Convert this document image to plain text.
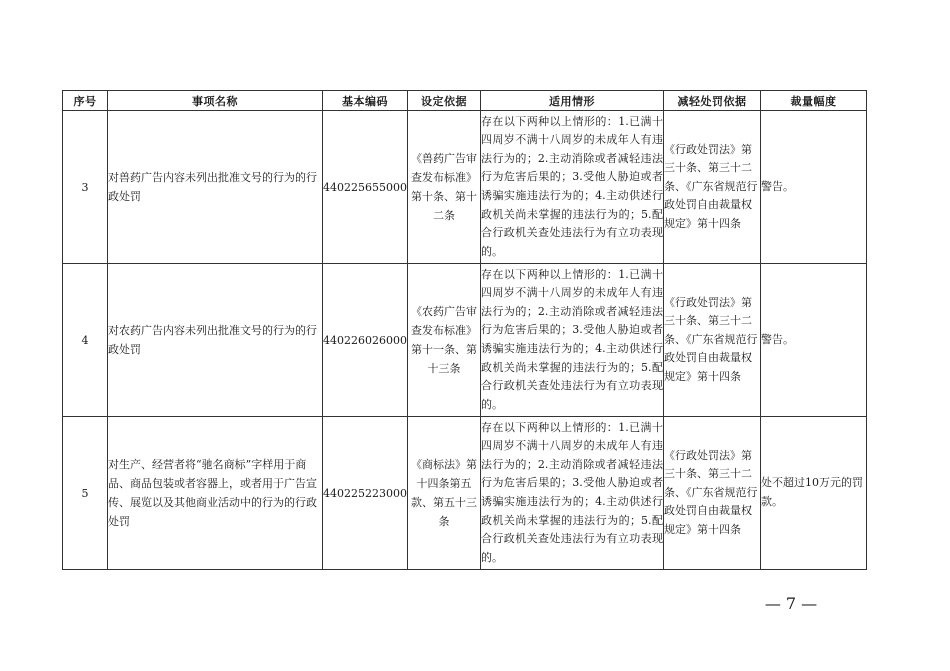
序号	事项名称	基本编码	设定依据	适用情形	减轻处罚依据	裁量幅度
3	对兽药广告内容未列出批准文号的行为的行政处罚	440225655000	《兽药广告审查发布标准》第十条、第十二条	存在以下两种以上情形的：1.已满十四周岁不满十八周岁的未成年人有违法行为的；2.主动消除或者减轻违法行为危害后果的；3.受他人胁迫或者诱骗实施违法行为的；4.主动供述行政机关尚未掌握的违法行为的；5.配合行政机关查处违法行为有立功表现的。	《行政处罚法》第三十条、第三十二条、《广东省规范行政处罚自由裁量权规定》第十四条	警告。
4	对农药广告内容未列出批准文号的行为的行政处罚	440226026000	《农药广告审查发布标准》第十一条、第十三条	存在以下两种以上情形的：1.已满十四周岁不满十八周岁的未成年人有违法行为的；2.主动消除或者减轻违法行为危害后果的；3.受他人胁迫或者诱骗实施违法行为的；4.主动供述行政机关尚未掌握的违法行为的；5.配合行政机关查处违法行为有立功表现的。	《行政处罚法》第三十条、第三十二条、《广东省规范行政处罚自由裁量权规定》第十四条	警告。
5	对生产、经营者将“驰名商标”字样用于商品、商品包装或者容器上，或者用于广告宣传、展览以及其他商业活动中的行为的行政处罚	440225223000	《商标法》第十四条第五款、第五十三条	存在以下两种以上情形的：1.已满十四周岁不满十八周岁的未成年人有违法行为的；2.主动消除或者减轻违法行为危害后果的；3.受他人胁迫或者诱骗实施违法行为的；4.主动供述行政机关尚未掌握的违法行为的；5.配合行政机关查处违法行为有立功表现的。	《行政处罚法》第三十条、第三十二条、《广东省规范行政处罚自由裁量权规定》第十四条	处不超过10万元的罚款。
— 7 —
